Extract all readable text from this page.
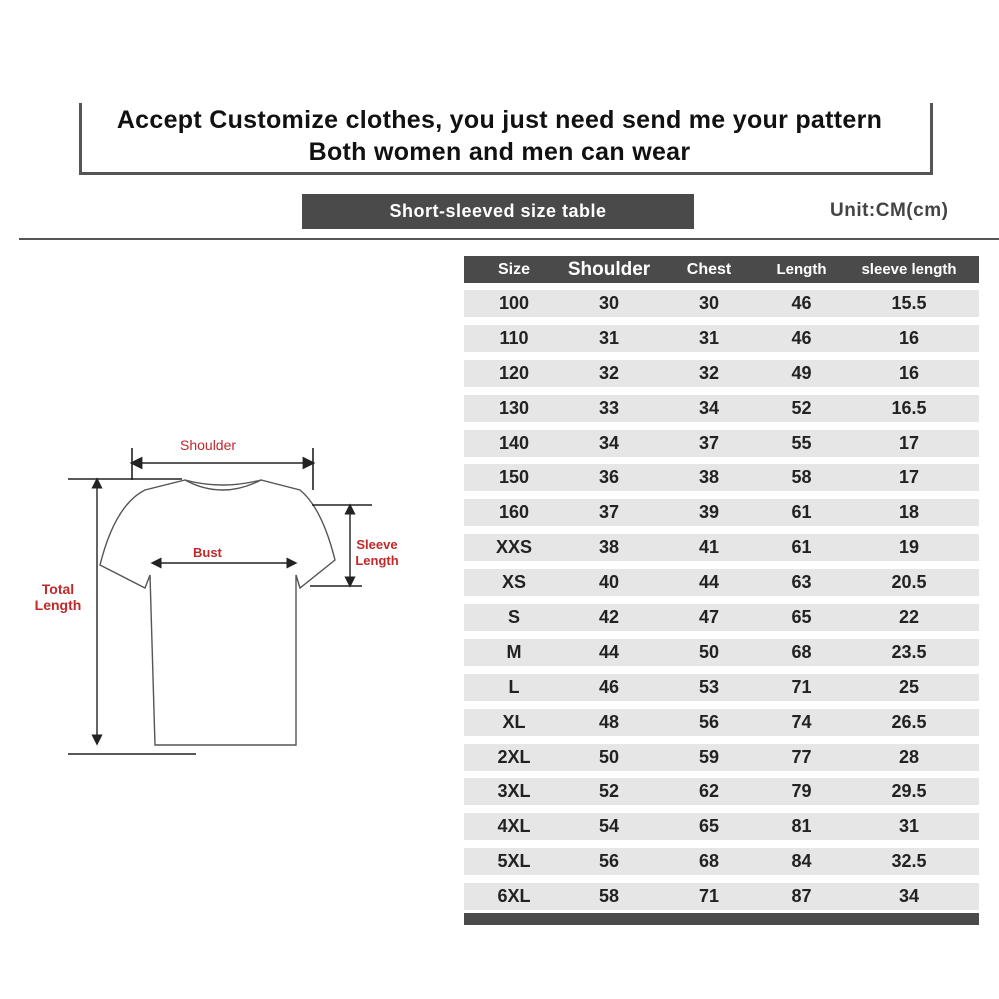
Accept Customize clothes, you just need send me your pattern
Both women and men can wear
Short-sleeved size table	Unit:CM(cm)
Shoulder
Bust
Sleeve
Length
Total
Length
Size	Shoulder	Chest	Length	sleeve length
100	30	30	46	15.5
110	31	31	46	16
120	32	32	49	16
130	33	34	52	16.5
140	34	37	55	17
150	36	38	58	17
160	37	39	61	18
XXS	38	41	61	19
XS	40	44	63	20.5
S	42	47	65	22
M	44	50	68	23.5
L	46	53	71	25
XL	48	56	74	26.5
2XL	50	59	77	28
3XL	52	62	79	29.5
4XL	54	65	81	31
5XL	56	68	84	32.5
6XL	58	71	87	34
